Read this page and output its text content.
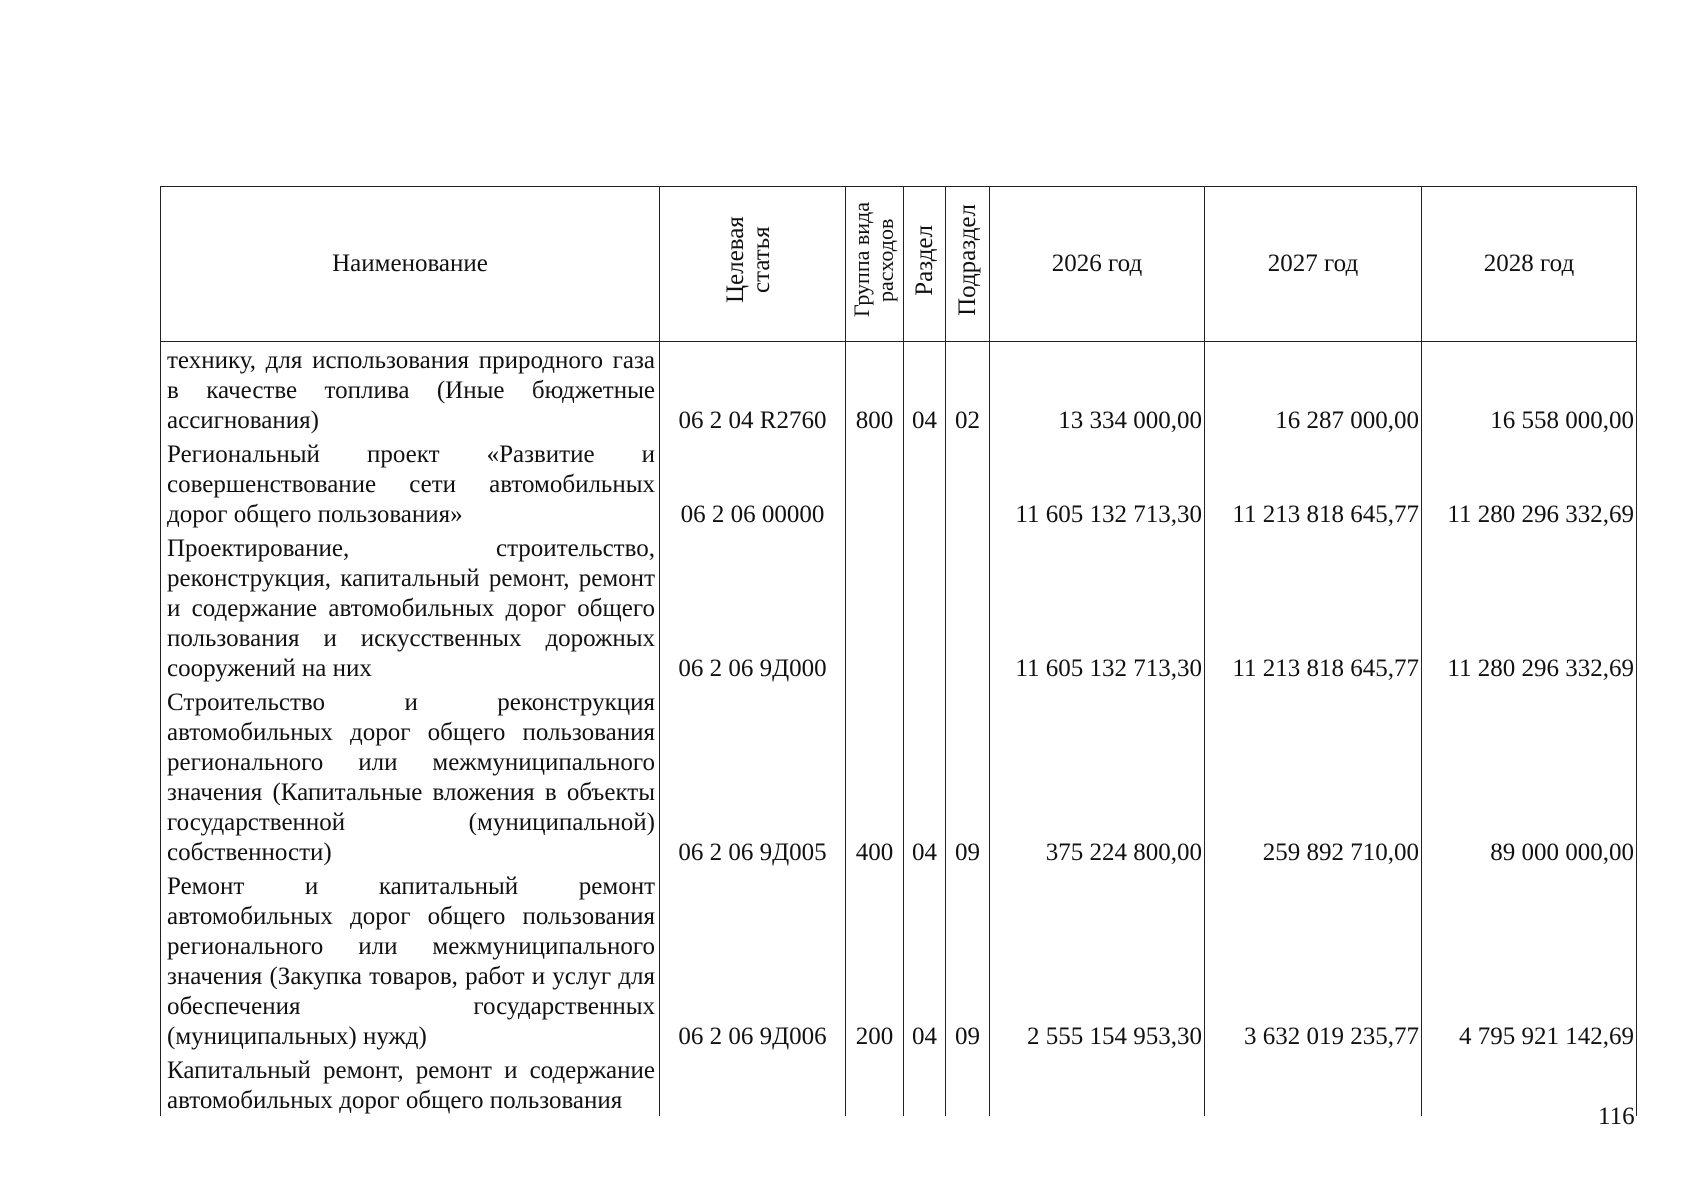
Наименование	Целевая статья	Группа вида расходов	Раздел	Подраздел	2026 год	2027 год	2028 год
технику, для использования природного газа в качестве топлива (Иные бюджетные ассигнования)	06 2 04 R2760	800	04	02	13 334 000,00	16 287 000,00	16 558 000,00
Региональный проект «Развитие и совершенствование сети автомобильных дорог общего пользования»	06 2 06 00000				11 605 132 713,30	11 213 818 645,77	11 280 296 332,69
Проектирование, строительство, реконструкция, капитальный ремонт, ремонт и содержание автомобильных дорог общего пользования и искусственных дорожных сооружений на них	06 2 06 9Д000				11 605 132 713,30	11 213 818 645,77	11 280 296 332,69
Строительство и реконструкция автомобильных дорог общего пользования регионального или межмуниципального значения (Капитальные вложения в объекты государственной (муниципальной) собственности)	06 2 06 9Д005	400	04	09	375 224 800,00	259 892 710,00	89 000 000,00
Ремонт и капитальный ремонт автомобильных дорог общего пользования регионального или межмуниципального значения (Закупка товаров, работ и услуг для обеспечения государственных (муниципальных) нужд)	06 2 06 9Д006	200	04	09	2 555 154 953,30	3 632 019 235,77	4 795 921 142,69
Капитальный ремонт, ремонт и содержание автомобильных дорог общего пользования							
116
